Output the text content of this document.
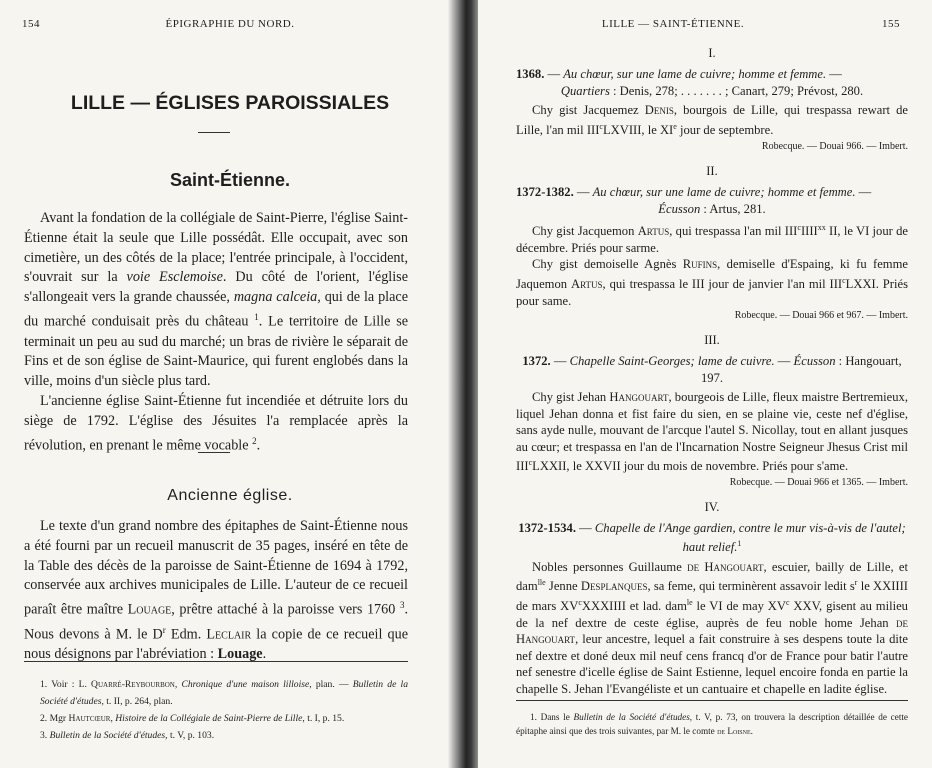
154	ÉPIGRAPHIE DU NORD.
LILLE — ÉGLISES PAROISSIALES
Saint-Étienne.

Avant la fondation de la collégiale de Saint-Pierre, l'église Saint-Étienne était la seule que Lille possédât. Elle occupait, avec son cimetière, un des côtés de la place; l'entrée principale, à l'occident, s'ouvrait sur la voie Esclemoise. Du côté de l'orient, l'église s'allongeait vers la grande chaussée, magna calceia, qui de la place du marché conduisait près du château $^1$. Le territoire de Lille se terminait un peu au sud du marché; un bras de rivière le séparait de Fins et de son église de Saint-Maurice, qui furent englobés dans la ville, moins d'un siècle plus tard.

L'ancienne église Saint-Étienne fut incendiée et détruite lors du siège de 1792. L'église des Jésuites l'a remplacée après la révolution, en prenant le même vocable $^2$.

Ancienne église.

Le texte d'un grand nombre des épitaphes de Saint-Étienne nous a été fourni par un recueil manuscrit de 35 pages, inséré en tête de la Table des décès de la paroisse de Saint-Étienne de 1694 à 1792, conservée aux archives municipales de Lille. L'auteur de ce recueil paraît être maître Louage, prêtre attaché à la paroisse vers 1760 $^3$. Nous devons à M. le $D^r$ Edm. Leclair la copie de ce recueil que nous désignons par l'abréviation : Louage.

1. Voir : L. Quarré-Reybourbon, Chronique d'une maison lilloise, plan. — Bulletin de la Société d'études, t. II, p. 264, plan.
2. Mgr Hautcœur, Histoire de la Collégiale de Saint-Pierre de Lille, t. I, p. 15.
3. Bulletin de la Société d'études, t. V, p. 103.
LILLE — SAINT-ÉTIENNE.	155
I.
1368. — Au chœur, sur une lame de cuivre; homme et femme. —
Quartiers : Denis, 278; . . . . . . . ; Canart, 279; Prévost, 280.

Chy gist Jacquemez Denis, bourgois de Lille, qui trespassa rewart de Lille, l'an mil III$^c$LXVIII, le XIe jour de septembre.

Robecque. — Douai 966. — Imbert.
II.
1372-1382. — Au chœur, sur une lame de cuivre; homme et femme. —
Écusson : Artus, 281.

Chy gist Jacquemon Artus, qui trespassa l'an mil III$^c$IIII$^{xx}$ II, le VI jour de décembre. Priés pour sarme.

Chy gist demoiselle Agnès Rufins, demiselle d'Espaing, ki fu femme Jaquemon Artus, qui trespassa le III jour de janvier l'an mil III$^c$LXXI. Priés pour same.

Robecque. — Douai 966 et 967. — Imbert.
III.
1372. — Chapelle Saint-Georges; lame de cuivre. — Écusson : Hangouart, 197.

Chy gist Jehan Hangouart, bourgeois de Lille, fleux maistre Bertremieux, liquel Jehan donna et fist faire du sien, en se plaine vie, ceste nef d'église, sans ayde nulle, mouvant de l'arcque l'autel S. Nicollay, tout en allant jusques au cœur; et trespassa en l'an de l'Incarnation Nostre Seigneur Jhesus Crist mil III$^c$LXXII, le XXVII jour du mois de novembre. Priés pour s'ame.

Robecque. — Douai 966 et 1365. — Imbert.
IV.
1372-1534. — Chapelle de l'Ange gardien, contre le mur vis-à-vis de l'autel; haut relief.$^1$

Nobles personnes Guillaume de Hangouart, escuier, bailly de Lille, et dam$^{lle}$ Jenne Desplanques, sa feme, qui terminèrent assavoir ledit $s^r$ le XXIIII de mars $XV^cXXXIIII$ et lad. dam$^{le}$ le VI de may $XV^c$ XXV, gisent au milieu de la nef dextre de ceste église, auprès de feu noble home Jehan de Hangouart, leur ancestre, lequel a fait construire à ses despens toute la dite nef dextre et doné deux mil neuf cens francq d'or de France pour batir l'autre nef senestre d'icelle église de Saint Estienne, lequel encoire fonda en partie la chapelle S. Jehan l'Evangéliste et un cantuaire et chapelle en ladite église.

1. Dans le Bulletin de la Société d'études, t. V, p. 73, on trouvera la description détaillée de cette épitaphe ainsi que des trois suivantes, par M. le comte de Loisne.
